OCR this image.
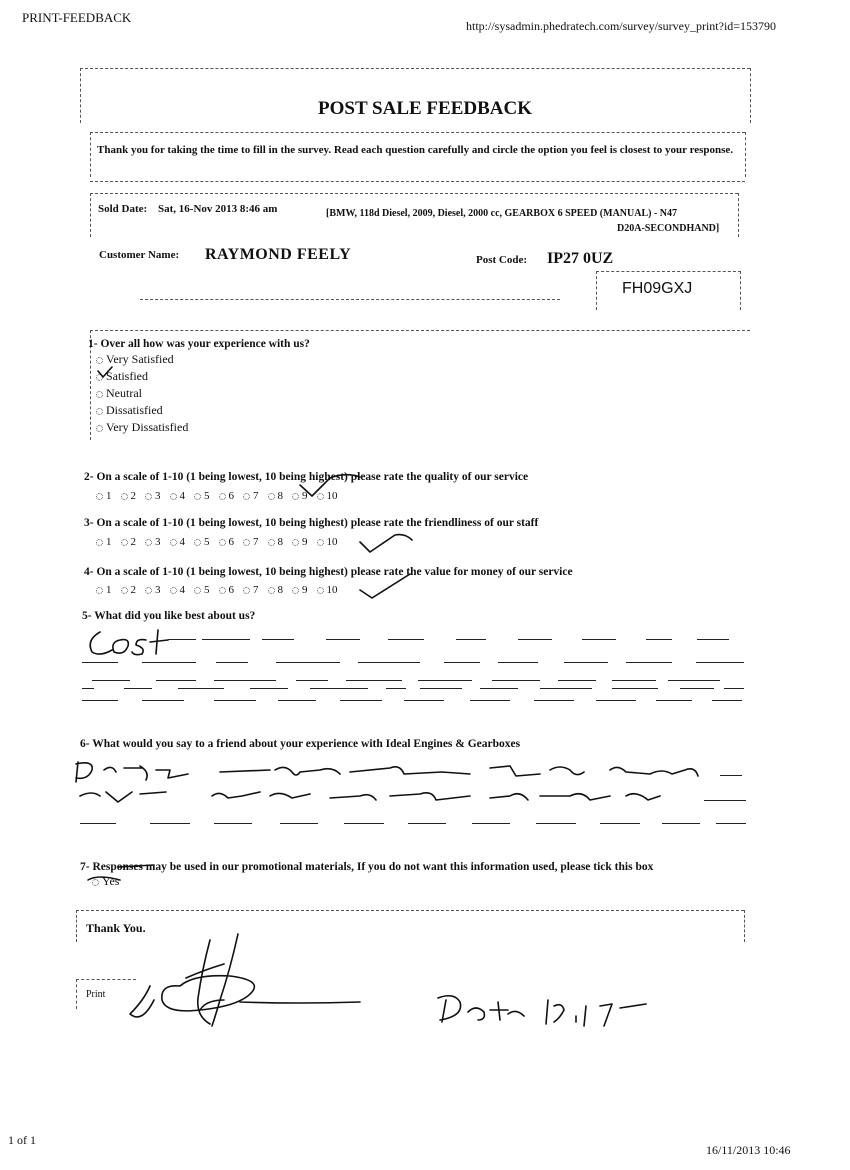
PRINT-FEEDBACK
http://sysadmin.phedratech.com/survey/survey_print?id=153790
POST SALE FEEDBACK
Thank you for taking the time to fill in the survey. Read each question carefully and circle the option you feel is closest to your response.
Sold Date: Sat, 16-Nov 2013 8:46 am	[BMW, 118d Diesel, 2009, Diesel, 2000 cc, GEARBOX 6 SPEED (MANUAL) - N47
D20A-SECONDHAND]
Customer Name: RAYMOND FEELY	Post Code: IP27 0UZ
FH09GXJ
1- Over all how was your experience with us?
Very Satisfied
Satisfied
Neutral
Dissatisfied
Very Dissatisfied
2- On a scale of 1-10 (1 being lowest, 10 being highest) please rate the quality of our service
1 2 3 4 5 6 7 8 9 10
3- On a scale of 1-10 (1 being lowest, 10 being highest) please rate the friendliness of our staff
1 2 3 4 5 6 7 8 9 10
4- On a scale of 1-10 (1 being lowest, 10 being highest) please rate the value for money of our service
1 2 3 4 5 6 7 8 9 10
5- What did you like best about us?
6- What would you say to a friend about your experience with Ideal Engines & Gearboxes
7- Responses may be used in our promotional materials, If you do not want this information used, please tick this box
Yes
Thank You.
Print
1 of 1
16/11/2013 10:46
